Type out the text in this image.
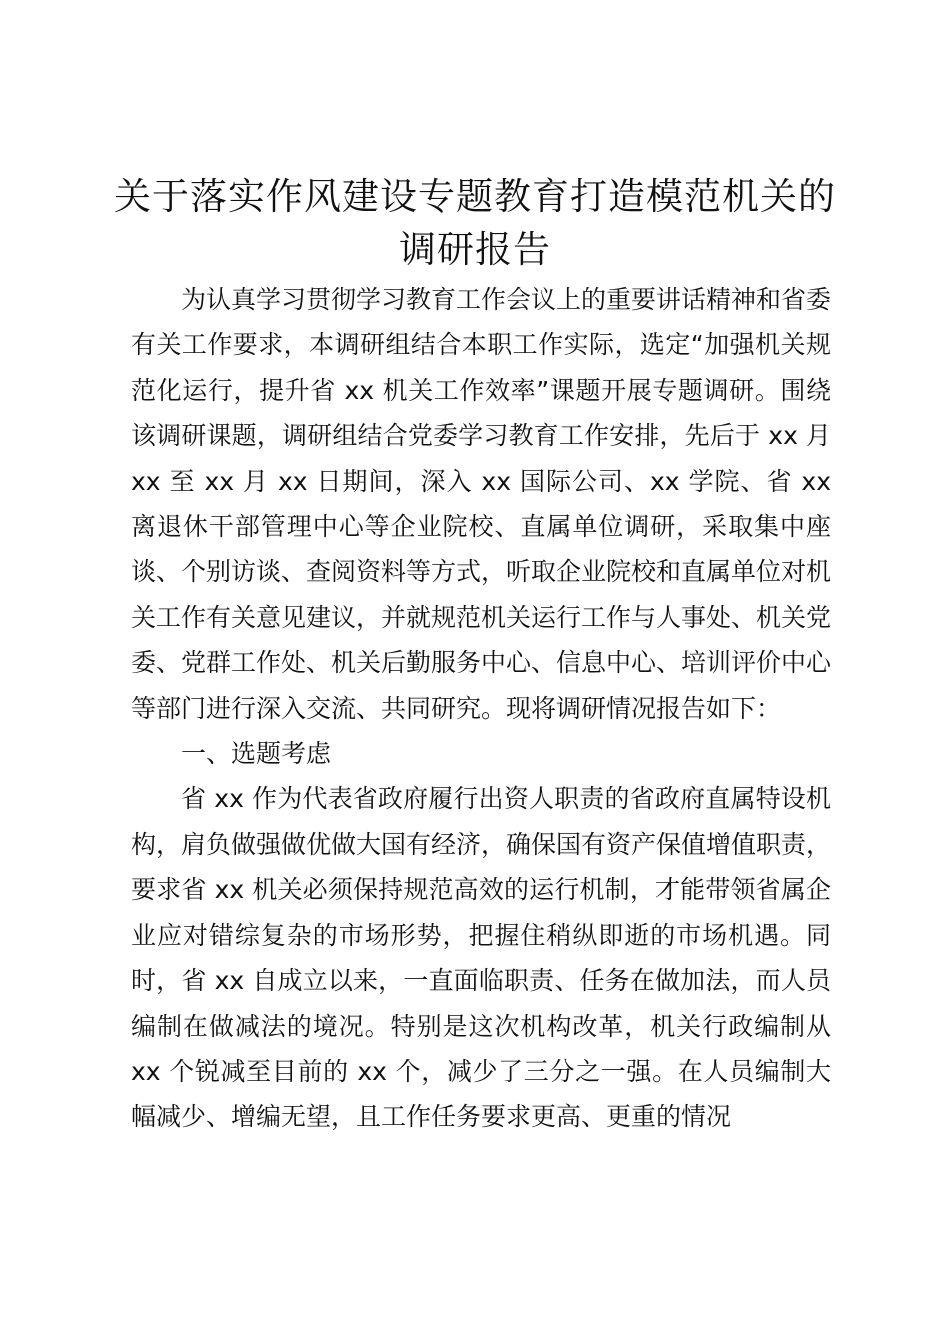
关于落实作风建设专题教育打造模范机关的调研报告

为认真学习贯彻学习教育工作会议上的重要讲话精神和省委有关工作要求，本调研组结合本职工作实际，选定“加强机关规范化运行，提升省 xx 机关工作效率”课题开展专题调研。围绕该调研课题，调研组结合党委学习教育工作安排，先后于 xx 月 xx 至 xx 月 xx 日期间，深入 xx 国际公司、xx 学院、省 xx 离退休干部管理中心等企业院校、直属单位调研，采取集中座谈、个别访谈、查阅资料等方式，听取企业院校和直属单位对机关工作有关意见建议，并就规范机关运行工作与人事处、机关党委、党群工作处、机关后勤服务中心、信息中心、培训评价中心等部门进行深入交流、共同研究。现将调研情况报告如下：

一、选题考虑

省 xx 作为代表省政府履行出资人职责的省政府直属特设机构，肩负做强做优做大国有经济，确保国有资产保值增值职责，要求省 xx 机关必须保持规范高效的运行机制，才能带领省属企业应对错综复杂的市场形势，把握住稍纵即逝的市场机遇。同时，省 xx 自成立以来，一直面临职责、任务在做加法，而人员编制在做减法的境况。特别是这次机构改革，机关行政编制从 xx 个锐减至目前的 xx 个，减少了三分之一强。在人员编制大幅减少、增编无望，且工作任务要求更高、更重的情况
